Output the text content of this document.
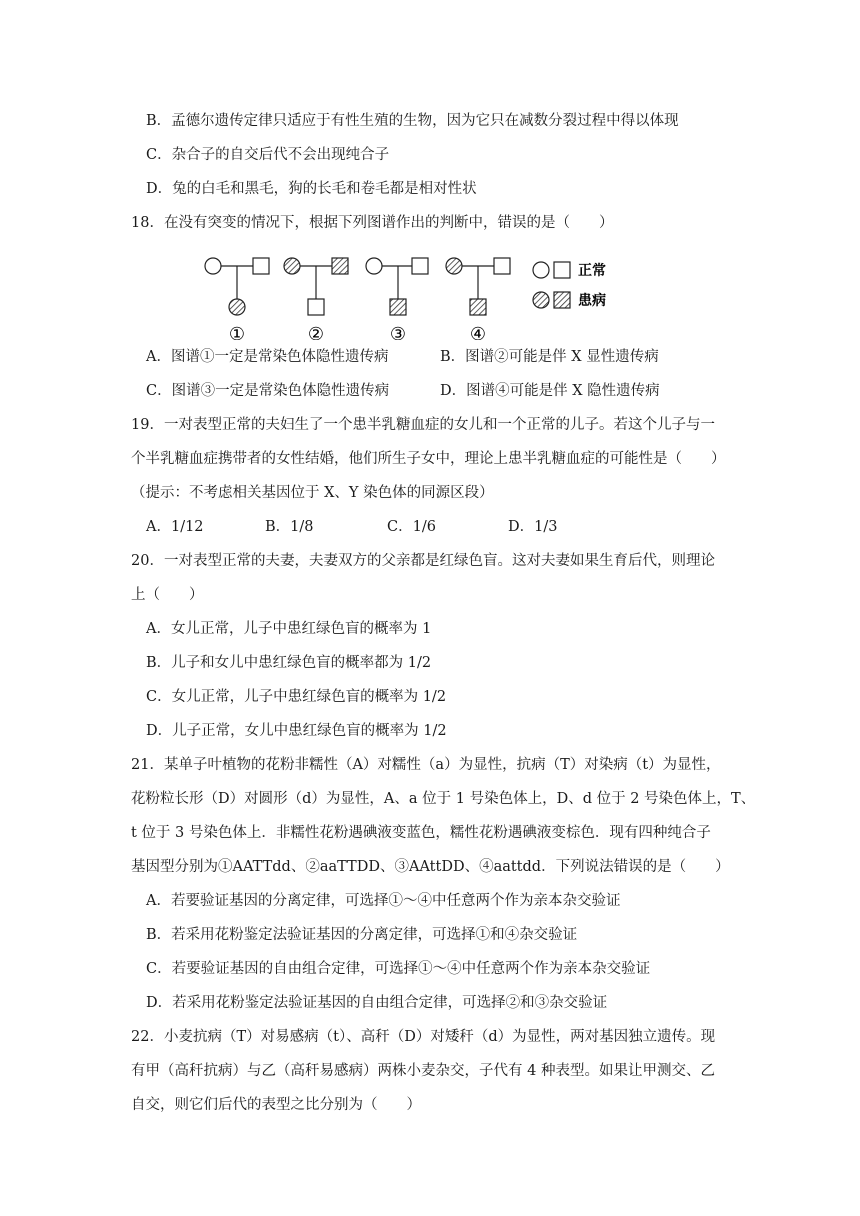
B．孟德尔遗传定律只适应于有性生殖的生物，因为它只在减数分裂过程中得以体现
C．杂合子的自交后代不会出现纯合子
D．兔的白毛和黑毛，狗的长毛和卷毛都是相对性状
18．在没有突变的情况下，根据下列图谱作出的判断中，错误的是（　　）
①	②	③	④
正常
患病
A．图谱①一定是常染色体隐性遗传病	B．图谱②可能是伴 X 显性遗传病
C．图谱③一定是常染色体隐性遗传病	D．图谱④可能是伴 X 隐性遗传病
19．一对表型正常的夫妇生了一个患半乳糖血症的女儿和一个正常的儿子。若这个儿子与一
个半乳糖血症携带者的女性结婚，他们所生子女中，理论上患半乳糖血症的可能性是（　　）
（提示：不考虑相关基因位于 X、Y 染色体的同源区段）
A．1/12	B．1/8	C．1/6	D．1/3
20．一对表型正常的夫妻，夫妻双方的父亲都是红绿色盲。这对夫妻如果生育后代，则理论
上（　　）
A．女儿正常，儿子中患红绿色盲的概率为 1
B．儿子和女儿中患红绿色盲的概率都为 1/2
C．女儿正常，儿子中患红绿色盲的概率为 1/2
D．儿子正常，女儿中患红绿色盲的概率为 1/2
21．某单子叶植物的花粉非糯性（A）对糯性（a）为显性，抗病（T）对染病（t）为显性，
花粉粒长形（D）对圆形（d）为显性，A、a 位于 1 号染色体上，D、d 位于 2 号染色体上，T、
t 位于 3 号染色体上．非糯性花粉遇碘液变蓝色，糯性花粉遇碘液变棕色．现有四种纯合子
基因型分别为①AATTdd、②aaTTDD、③AAttDD、④aattdd．下列说法错误的是（　　）
A．若要验证基因的分离定律，可选择①～④中任意两个作为亲本杂交验证
B．若采用花粉鉴定法验证基因的分离定律，可选择①和④杂交验证
C．若要验证基因的自由组合定律，可选择①～④中任意两个作为亲本杂交验证
D．若采用花粉鉴定法验证基因的自由组合定律，可选择②和③杂交验证
22．小麦抗病（T）对易感病（t）、高秆（D）对矮秆（d）为显性，两对基因独立遗传。现
有甲（高秆抗病）与乙（高秆易感病）两株小麦杂交，子代有 4 种表型。如果让甲测交、乙
自交，则它们后代的表型之比分别为（　　）
